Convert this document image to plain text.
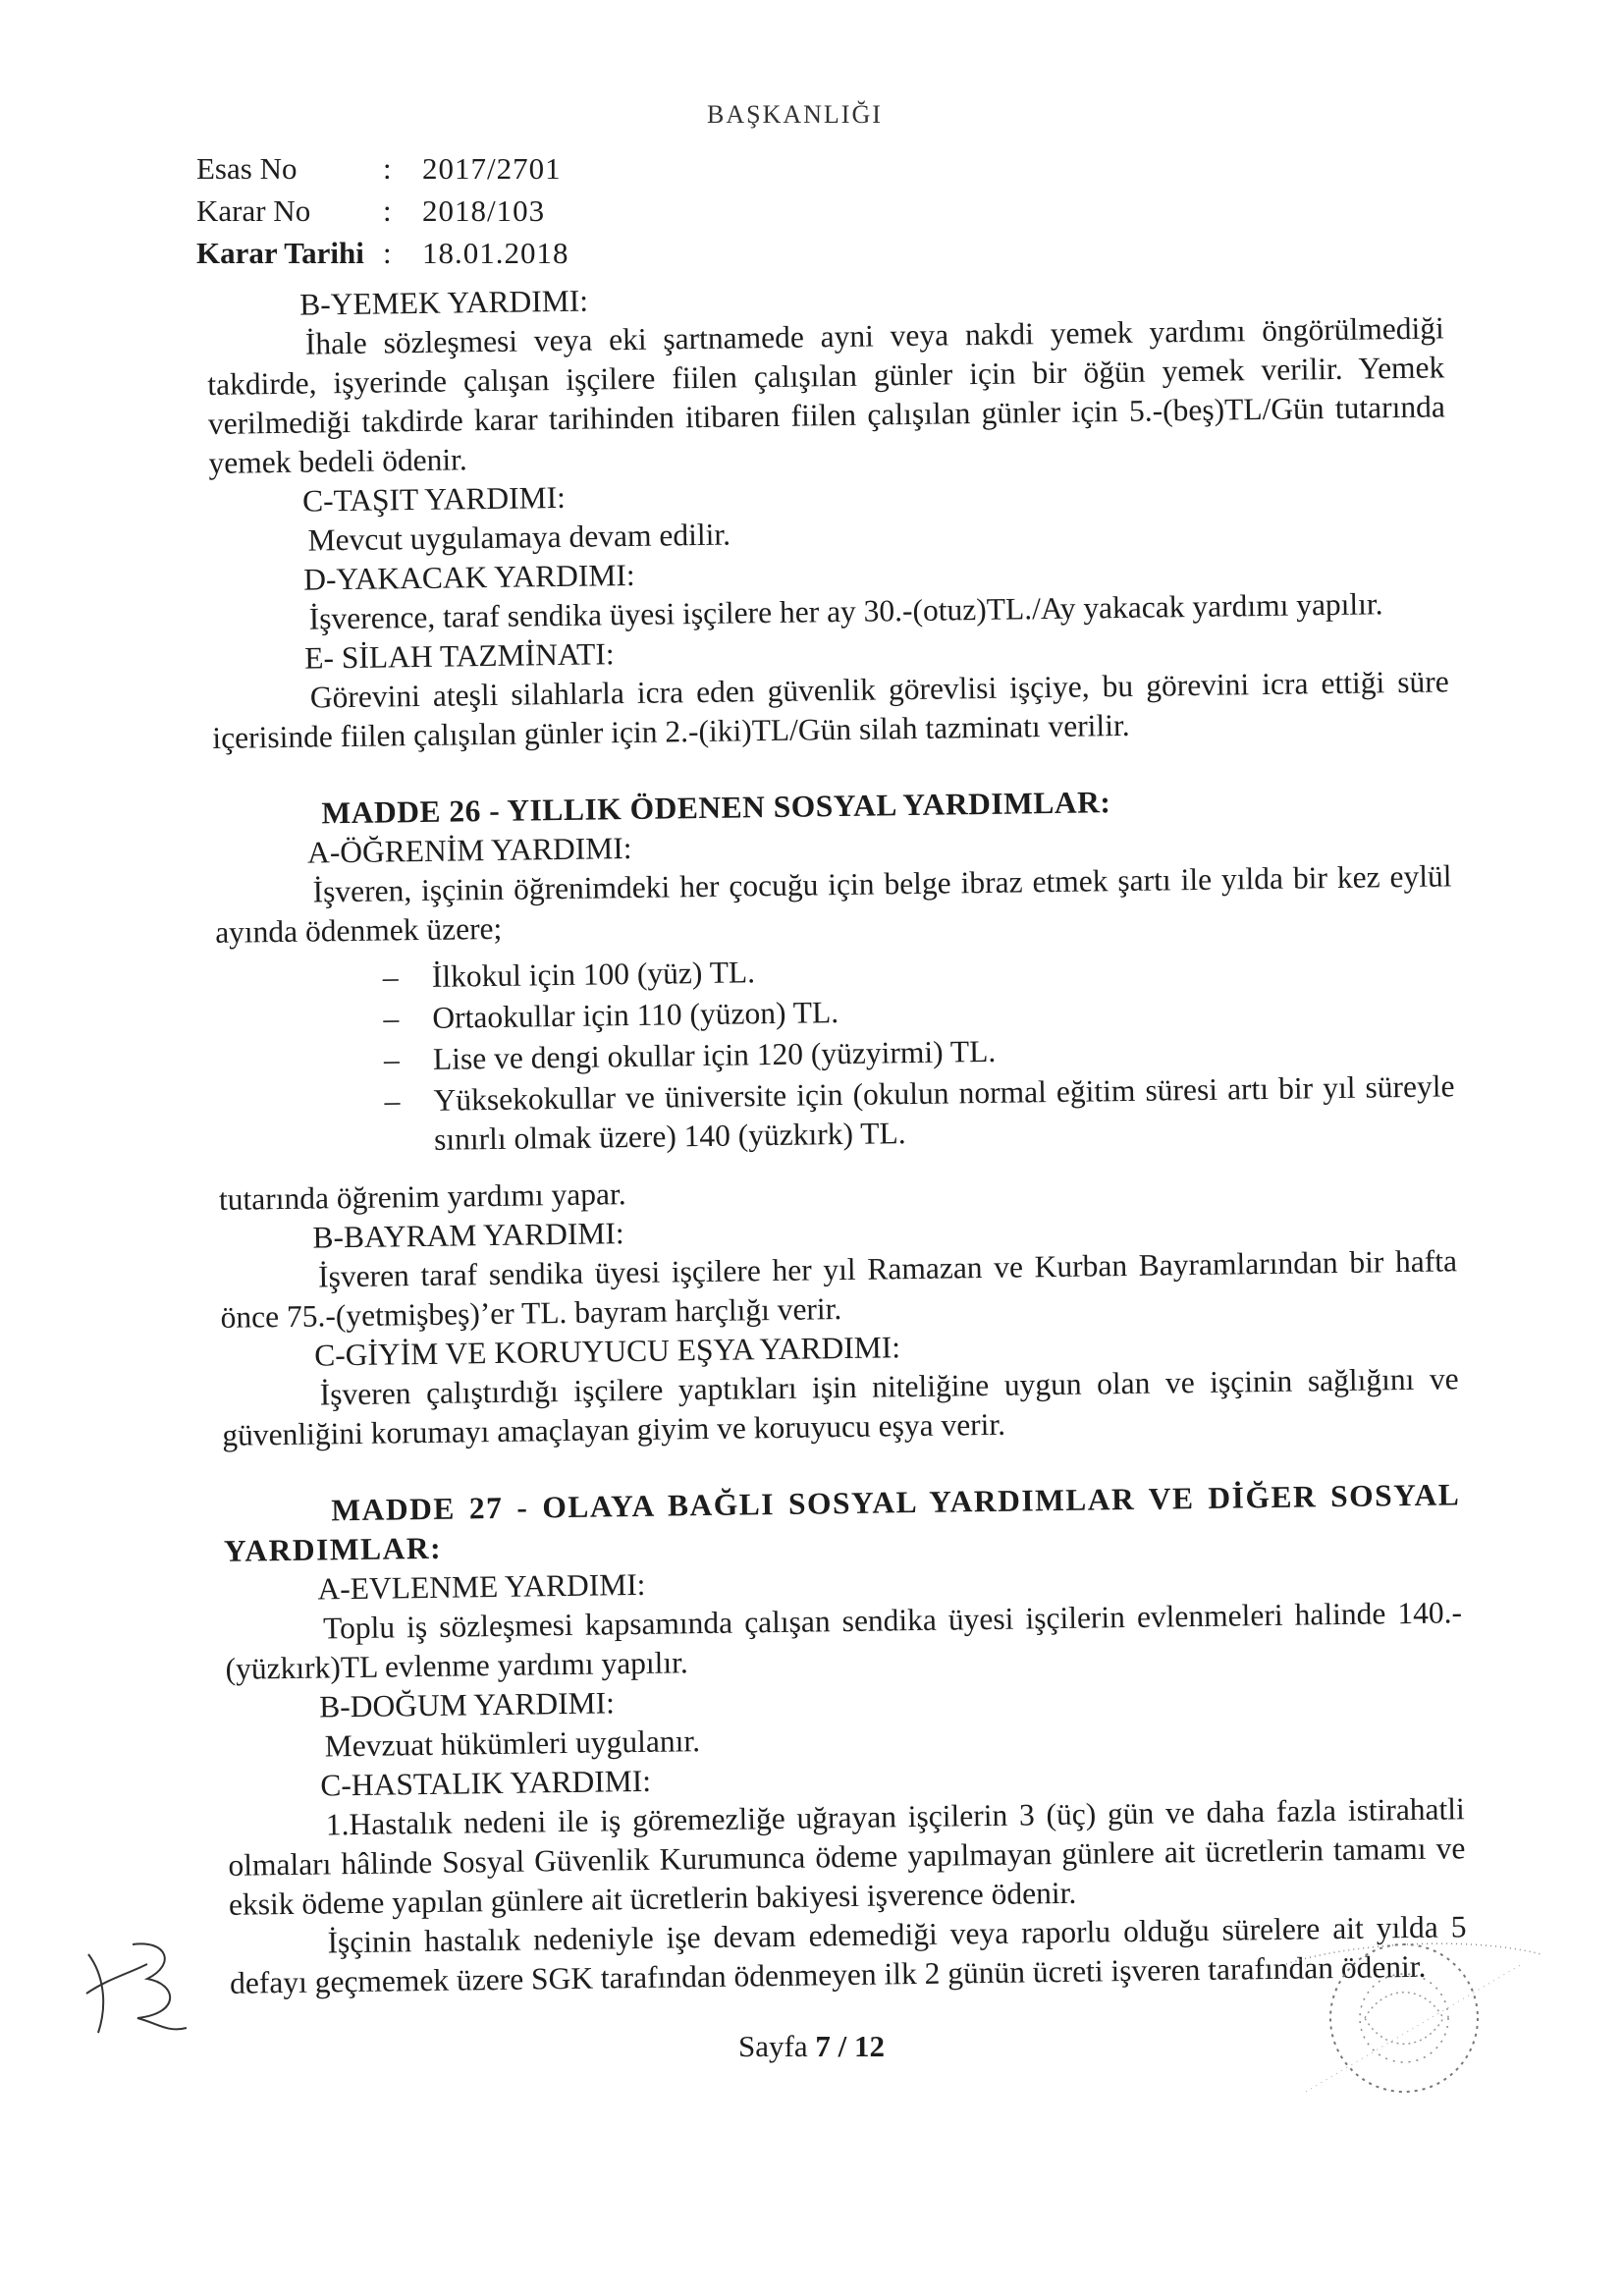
BAŞKANLIĞI
Esas No	:	2017/2701
Karar No	:	2018/103
Karar Tarihi :	18.01.2018
B-YEMEK YARDIMI:
İhale sözleşmesi veya eki şartnamede ayni veya nakdi yemek yardımı öngörülmediği takdirde, işyerinde çalışan işçilere fiilen çalışılan günler için bir öğün yemek verilir. Yemek verilmediği takdirde karar tarihinden itibaren fiilen çalışılan günler için 5.-(beş)TL/Gün tutarında yemek bedeli ödenir.
C-TAŞIT YARDIMI:
Mevcut uygulamaya devam edilir.
D-YAKACAK YARDIMI:
İşverence, taraf sendika üyesi işçilere her ay 30.-(otuz)TL./Ay yakacak yardımı yapılır.
E- SİLAH TAZMİNATI:
Görevini ateşli silahlarla icra eden güvenlik görevlisi işçiye, bu görevini icra ettiği süre içerisinde fiilen çalışılan günler için 2.-(iki)TL/Gün silah tazminatı verilir.
MADDE 26 - YILLIK ÖDENEN SOSYAL YARDIMLAR:
A-ÖĞRENİM YARDIMI:
İşveren, işçinin öğrenimdeki her çocuğu için belge ibraz etmek şartı ile yılda bir kez eylül ayında ödenmek üzere;
– İlkokul için 100 (yüz) TL.
– Ortaokullar için 110 (yüzon) TL.
– Lise ve dengi okullar için 120 (yüzyirmi) TL.
– Yüksekokullar ve üniversite için (okulun normal eğitim süresi artı bir yıl süreyle sınırlı olmak üzere) 140 (yüzkırk) TL.
tutarında öğrenim yardımı yapar.
B-BAYRAM YARDIMI:
İşveren taraf sendika üyesi işçilere her yıl Ramazan ve Kurban Bayramlarından bir hafta önce 75.-(yetmişbeş)’er TL. bayram harçlığı verir.
C-GİYİM VE KORUYUCU EŞYA YARDIMI:
İşveren çalıştırdığı işçilere yaptıkları işin niteliğine uygun olan ve işçinin sağlığını ve güvenliğini korumayı amaçlayan giyim ve koruyucu eşya verir.
MADDE 27 - OLAYA BAĞLI SOSYAL YARDIMLAR VE DİĞER SOSYAL YARDIMLAR:
A-EVLENME YARDIMI:
Toplu iş sözleşmesi kapsamında çalışan sendika üyesi işçilerin evlenmeleri halinde 140.-(yüzkırk)TL evlenme yardımı yapılır.
B-DOĞUM YARDIMI:
Mevzuat hükümleri uygulanır.
C-HASTALIK YARDIMI:
1.Hastalık nedeni ile iş göremezliğe uğrayan işçilerin 3 (üç) gün ve daha fazla istirahatli olmaları hâlinde Sosyal Güvenlik Kurumunca ödeme yapılmayan günlere ait ücretlerin tamamı ve eksik ödeme yapılan günlere ait ücretlerin bakiyesi işverence ödenir.
İşçinin hastalık nedeniyle işe devam edemediği veya raporlu olduğu sürelere ait yılda 5 defayı geçmemek üzere SGK tarafından ödenmeyen ilk 2 günün ücreti işveren tarafından ödenir.
Sayfa 7 / 12
